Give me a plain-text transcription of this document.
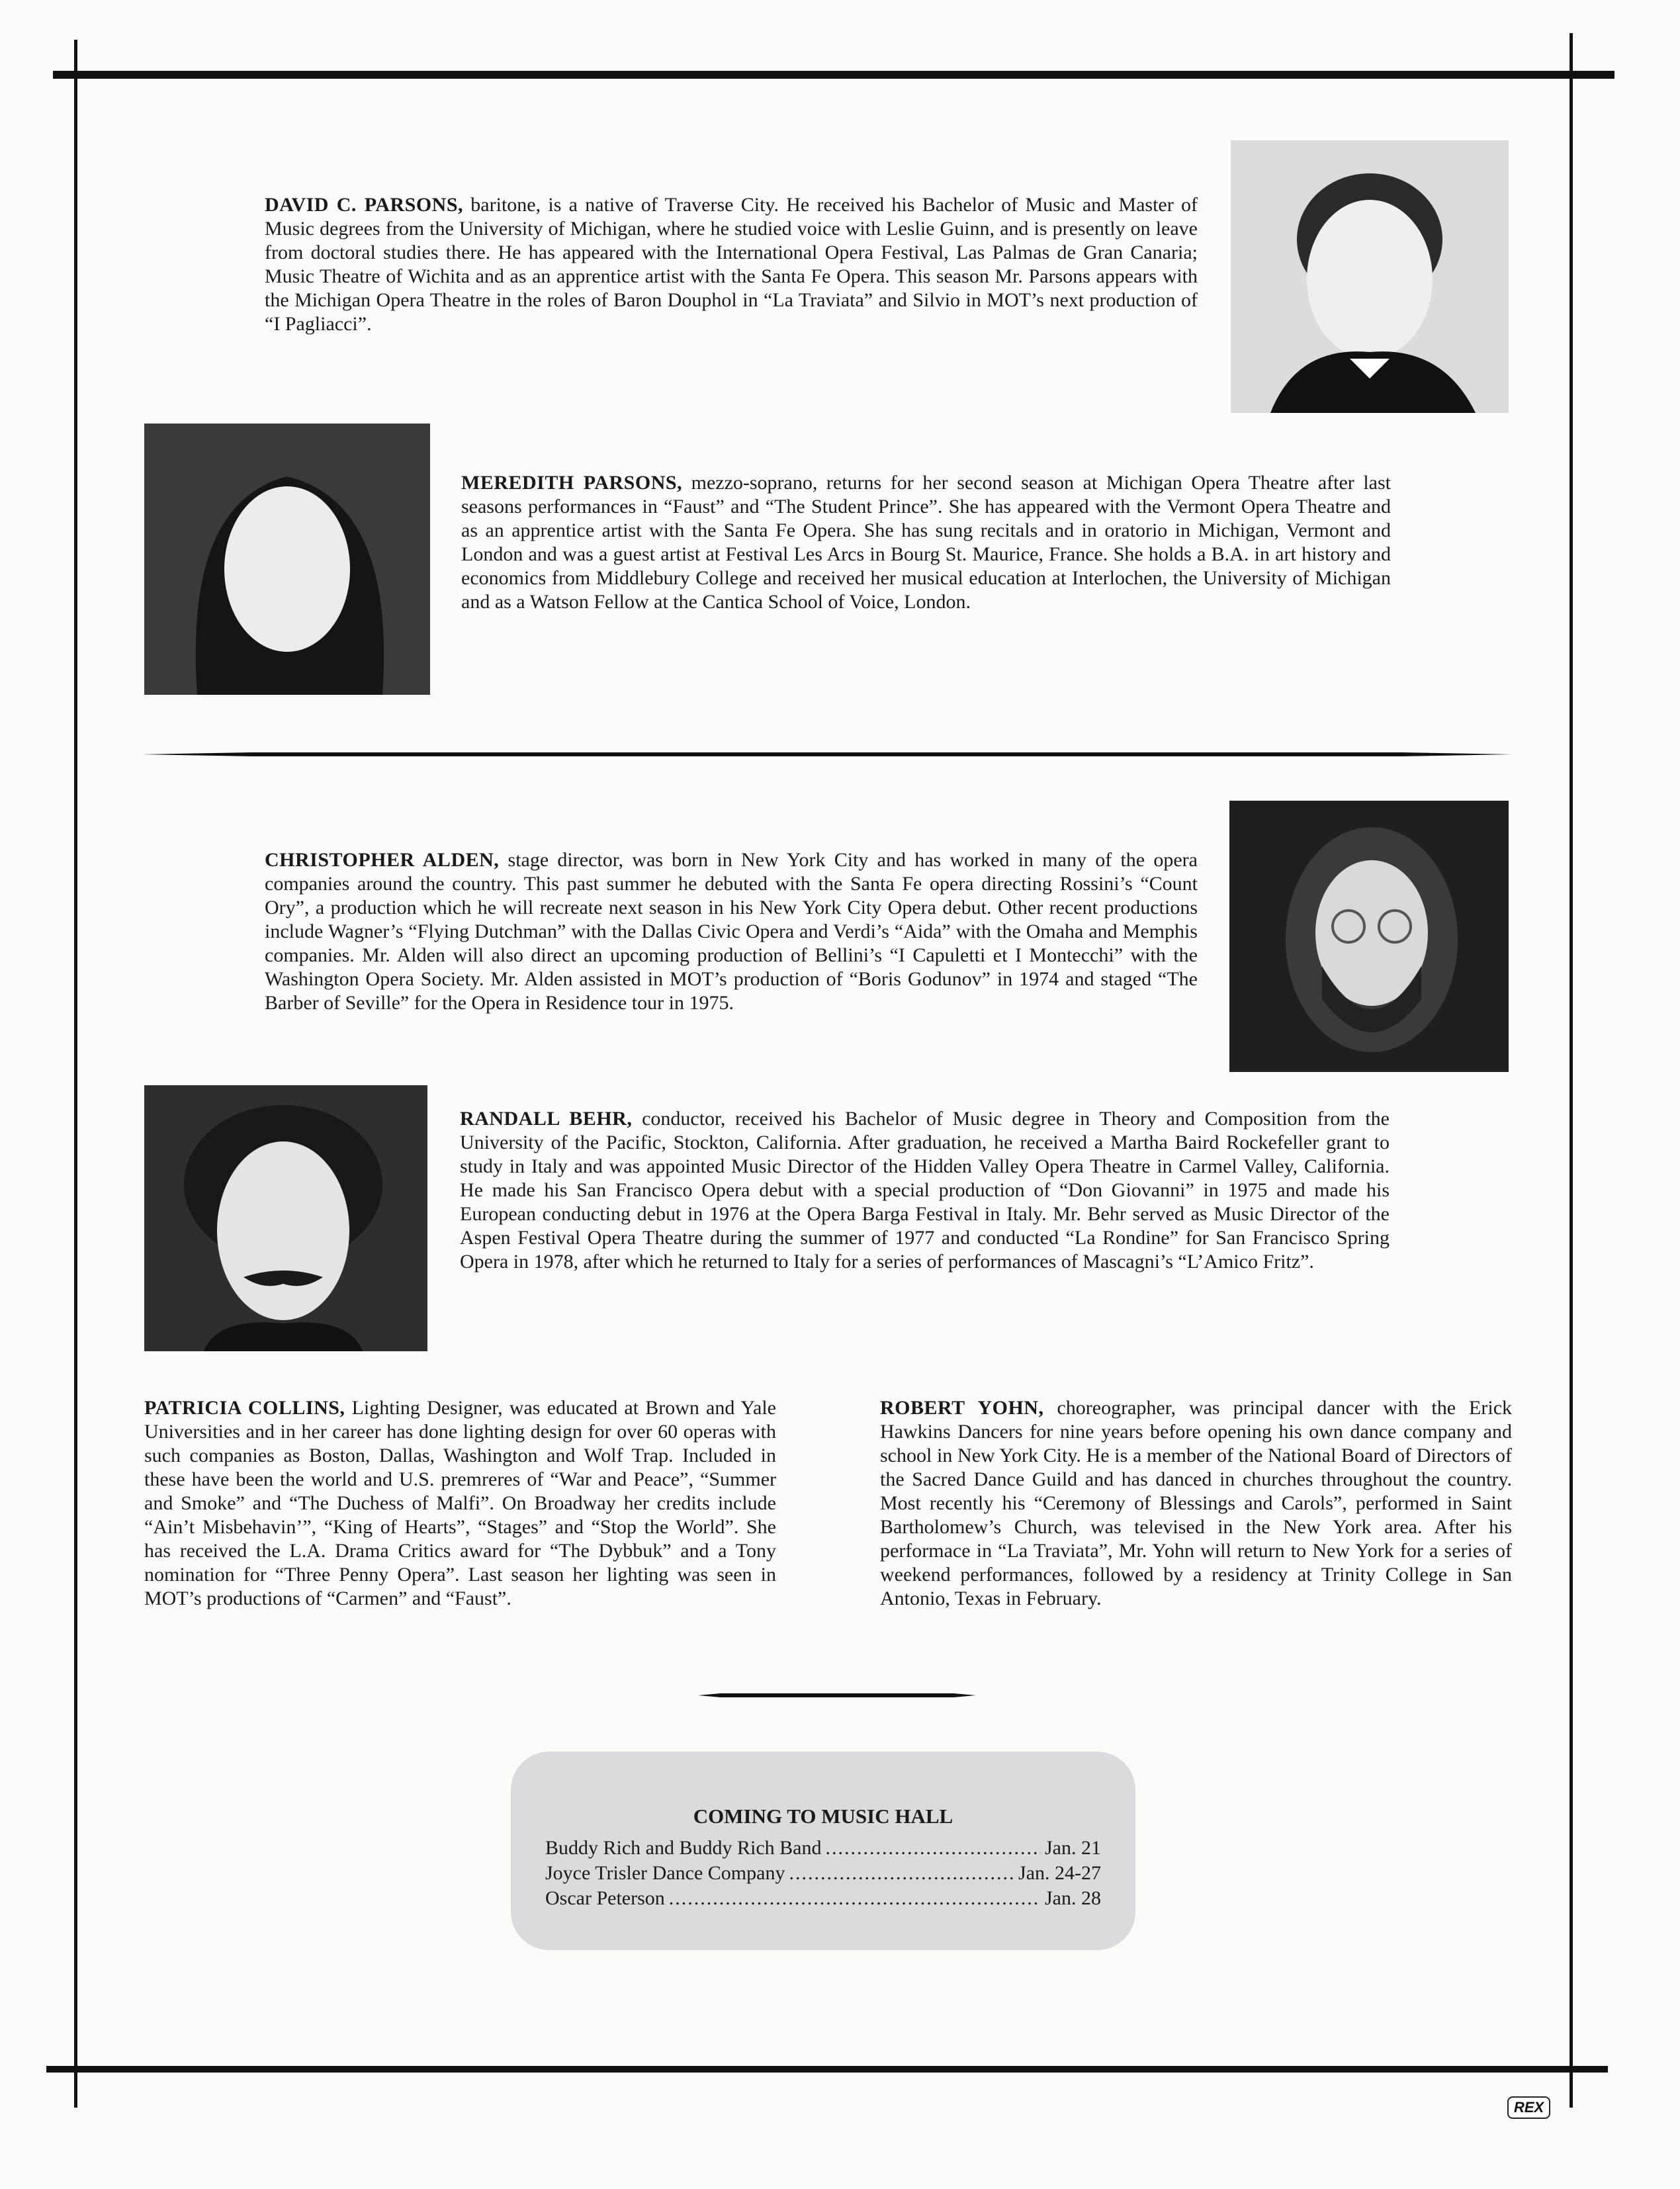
DAVID C. PARSONS, baritone, is a native of Traverse City. He received his Bachelor of Music and Master of Music degrees from the University of Michigan, where he studied voice with Leslie Guinn, and is presently on leave from doctoral studies there. He has appeared with the International Opera Festival, Las Palmas de Gran Canaria; Music Theatre of Wichita and as an apprentice artist with the Santa Fe Opera. This season Mr. Parsons appears with the Michigan Opera Theatre in the roles of Baron Douphol in “La Traviata” and Silvio in MOT’s next production of “I Pagliacci”.

MEREDITH PARSONS, mezzo-soprano, returns for her second season at Michigan Opera Theatre after last seasons performances in “Faust” and “The Student Prince”. She has appeared with the Vermont Opera Theatre and as an apprentice artist with the Santa Fe Opera. She has sung recitals and in oratorio in Michigan, Vermont and London and was a guest artist at Festival Les Arcs in Bourg St. Maurice, France. She holds a B.A. in art history and economics from Middlebury College and received her musical education at Interlochen, the University of Michigan and as a Watson Fellow at the Cantica School of Voice, London.

CHRISTOPHER ALDEN, stage director, was born in New York City and has worked in many of the opera companies around the country. This past summer he debuted with the Santa Fe opera directing Rossini’s “Count Ory”, a production which he will recreate next season in his New York City Opera debut. Other recent productions include Wagner’s “Flying Dutchman” with the Dallas Civic Opera and Verdi’s “Aida” with the Omaha and Memphis companies. Mr. Alden will also direct an upcoming production of Bellini’s “I Capuletti et I Montecchi” with the Washington Opera Society. Mr. Alden assisted in MOT’s production of “Boris Godunov” in 1974 and staged “The Barber of Seville” for the Opera in Residence tour in 1975.

RANDALL BEHR, conductor, received his Bachelor of Music degree in Theory and Composition from the University of the Pacific, Stockton, California. After graduation, he received a Martha Baird Rockefeller grant to study in Italy and was appointed Music Director of the Hidden Valley Opera Theatre in Carmel Valley, California. He made his San Francisco Opera debut with a special production of “Don Giovanni” in 1975 and made his European conducting debut in 1976 at the Opera Barga Festival in Italy. Mr. Behr served as Music Director of the Aspen Festival Opera Theatre during the summer of 1977 and conducted “La Rondine” for San Francisco Spring Opera in 1978, after which he returned to Italy for a series of performances of Mascagni’s “L’Amico Fritz”.

PATRICIA COLLINS, Lighting Designer, was educated at Brown and Yale Universities and in her career has done lighting design for over 60 operas with such companies as Boston, Dallas, Washington and Wolf Trap. Included in these have been the world and U.S. premreres of “War and Peace”, “Summer and Smoke” and “The Duchess of Malfi”. On Broadway her credits include “Ain’t Misbehavin’”, “King of Hearts”, “Stages” and “Stop the World”. She has received the L.A. Drama Critics award for “The Dybbuk” and a Tony nomination for “Three Penny Opera”. Last season her lighting was seen in MOT’s productions of “Carmen” and “Faust”.

ROBERT YOHN, choreographer, was principal dancer with the Erick Hawkins Dancers for nine years before opening his own dance company and school in New York City. He is a member of the National Board of Directors of the Sacred Dance Guild and has danced in churches throughout the country. Most recently his “Ceremony of Blessings and Carols”, performed in Saint Bartholomew’s Church, was televised in the New York area. After his performace in “La Traviata”, Mr. Yohn will return to New York for a series of weekend performances, followed by a residency at Trinity College in San Antonio, Texas in February.

COMING TO MUSIC HALL

Buddy Rich and Buddy Rich Band .....	Jan. 21
Joyce Trisler Dance Company .....	Jan. 24-27
Oscar Peterson .....	Jan. 28
REX
